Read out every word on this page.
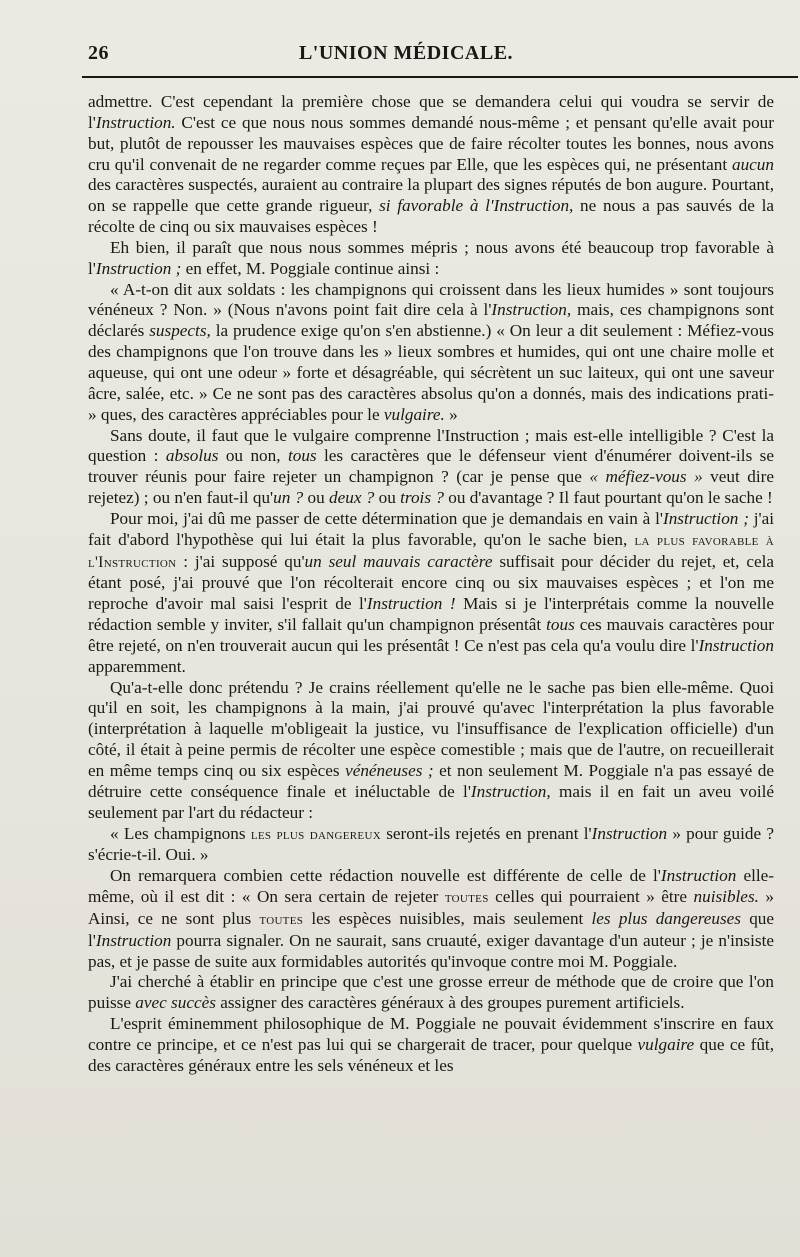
26	L'UNION MÉDICALE.

admettre. C'est cependant la première chose que se demandera celui qui voudra se servir de l'Instruction. C'est ce que nous nous sommes demandé nous-même ; et pensant qu'elle avait pour but, plutôt de repousser les mauvaises espèces que de faire récolter toutes les bonnes, nous avons cru qu'il convenait de ne regarder comme reçues par Elle, que les espèces qui, ne présentant aucun des caractères suspectés, auraient au contraire la plupart des signes réputés de bon augure. Pourtant, on se rappelle que cette grande rigueur, si favorable à l'Instruction, ne nous a pas sauvés de la récolte de cinq ou six mauvaises espèces !

Eh bien, il paraît que nous nous sommes mépris ; nous avons été beaucoup trop favorable à l'Instruction ; en effet, M. Poggiale continue ainsi :

« A-t-on dit aux soldats : les champignons qui croissent dans les lieux humides » sont toujours vénéneux ? Non. » (Nous n'avons point fait dire cela à l'Instruction, mais, ces champignons sont déclarés suspects, la prudence exige qu'on s'en abstienne.) « On leur a dit seulement : Méfiez-vous des champignons que l'on trouve dans les » lieux sombres et humides, qui ont une chaire molle et aqueuse, qui ont une odeur » forte et désagréable, qui sécrètent un suc laiteux, qui ont une saveur âcre, salée, etc. » Ce ne sont pas des caractères absolus qu'on a donnés, mais des indications prati- » ques, des caractères appréciables pour le vulgaire. »

Sans doute, il faut que le vulgaire comprenne l'Instruction ; mais est-elle intelligible ? C'est la question : absolus ou non, tous les caractères que le défenseur vient d'énumérer doivent-ils se trouver réunis pour faire rejeter un champignon ? (car je pense que « méfiez-vous » veut dire rejetez) ; ou n'en faut-il qu'un ? ou deux ? ou trois ? ou d'avantage ? Il faut pourtant qu'on le sache !

Pour moi, j'ai dû me passer de cette détermination que je demandais en vain à l'Instruction ; j'ai fait d'abord l'hypothèse qui lui était la plus favorable, qu'on le sache bien, la plus favorable à l'Instruction : j'ai supposé qu'un seul mauvais caractère suffisait pour décider du rejet, et, cela étant posé, j'ai prouvé que l'on récolterait encore cinq ou six mauvaises espèces ; et l'on me reproche d'avoir mal saisi l'esprit de l'Instruction ! Mais si je l'interprétais comme la nouvelle rédaction semble y inviter, s'il fallait qu'un champignon présentât tous ces mauvais caractères pour être rejeté, on n'en trouverait aucun qui les présentât ! Ce n'est pas cela qu'a voulu dire l'Instruction apparemment.

Qu'a-t-elle donc prétendu ? Je crains réellement qu'elle ne le sache pas bien elle-même. Quoi qu'il en soit, les champignons à la main, j'ai prouvé qu'avec l'interprétation la plus favorable (interprétation à laquelle m'obligeait la justice, vu l'insuffisance de l'explication officielle) d'un côté, il était à peine permis de récolter une espèce comestible ; mais que de l'autre, on recueillerait en même temps cinq ou six espèces vénéneuses ; et non seulement M. Poggiale n'a pas essayé de détruire cette conséquence finale et inéluctable de l'Instruction, mais il en fait un aveu voilé seulement par l'art du rédacteur :

« Les champignons les plus dangereux seront-ils rejetés en prenant l'Instruction » pour guide ? s'écrie-t-il. Oui. »

On remarquera combien cette rédaction nouvelle est différente de celle de l'Instruction elle-même, où il est dit : « On sera certain de rejeter toutes celles qui pourraient » être nuisibles. » Ainsi, ce ne sont plus toutes les espèces nuisibles, mais seulement les plus dangereuses que l'Instruction pourra signaler. On ne saurait, sans cruauté, exiger davantage d'un auteur ; je n'insiste pas, et je passe de suite aux formidables autorités qu'invoque contre moi M. Poggiale.

J'ai cherché à établir en principe que c'est une grosse erreur de méthode que de croire que l'on puisse avec succès assigner des caractères généraux à des groupes purement artificiels.

L'esprit éminemment philosophique de M. Poggiale ne pouvait évidemment s'inscrire en faux contre ce principe, et ce n'est pas lui qui se chargerait de tracer, pour quelque vulgaire que ce fût, des caractères généraux entre les sels vénéneux et les
